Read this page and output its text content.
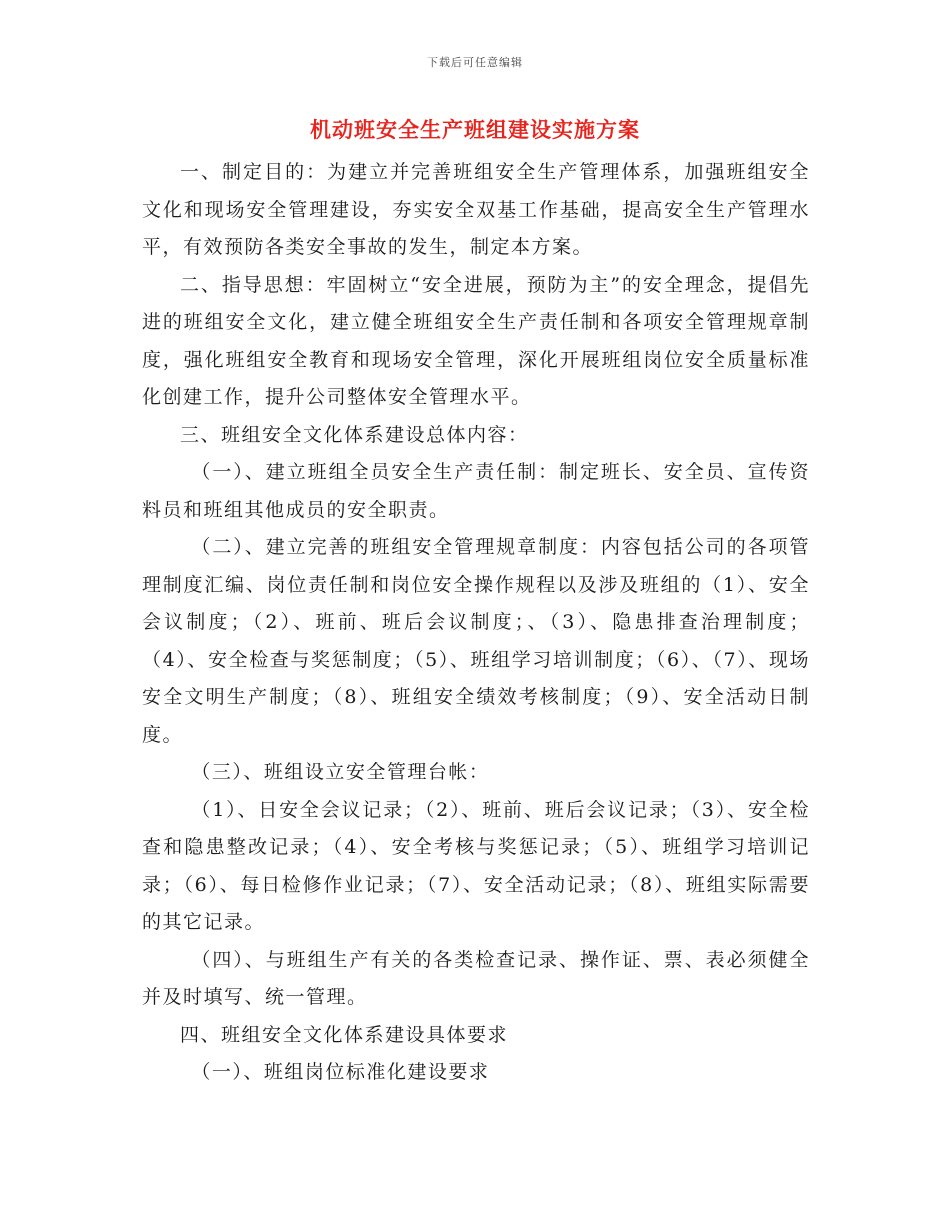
下载后可任意编辑
机动班安全生产班组建设实施方案

一、制定目的：为建立并完善班组安全生产管理体系，加强班组安全文化和现场安全管理建设，夯实安全双基工作基础，提高安全生产管理水平，有效预防各类安全事故的发生，制定本方案。

二、指导思想：牢固树立“安全进展，预防为主”的安全理念，提倡先进的班组安全文化，建立健全班组安全生产责任制和各项安全管理规章制度，强化班组安全教育和现场安全管理，深化开展班组岗位安全质量标准化创建工作，提升公司整体安全管理水平。

三、班组安全文化体系建设总体内容：

（一）、建立班组全员安全生产责任制：制定班长、安全员、宣传资料员和班组其他成员的安全职责。

（二）、建立完善的班组安全管理规章制度：内容包括公司的各项管理制度汇编、岗位责任制和岗位安全操作规程以及涉及班组的（1）、安全会议制度；（2）、班前、班后会议制度；、（3）、隐患排查治理制度；（4）、安全检查与奖惩制度；（5）、班组学习培训制度；（6）、（7）、现场安全文明生产制度；（8）、班组安全绩效考核制度；（9）、安全活动日制度。

（三）、班组设立安全管理台帐：

（1）、日安全会议记录；（2）、班前、班后会议记录；（3）、安全检查和隐患整改记录；（4）、安全考核与奖惩记录；（5）、班组学习培训记录；（6）、每日检修作业记录；（7）、安全活动记录；（8）、班组实际需要的其它记录。

（四）、与班组生产有关的各类检查记录、操作证、票、表必须健全并及时填写、统一管理。

四、班组安全文化体系建设具体要求

（一）、班组岗位标准化建设要求
